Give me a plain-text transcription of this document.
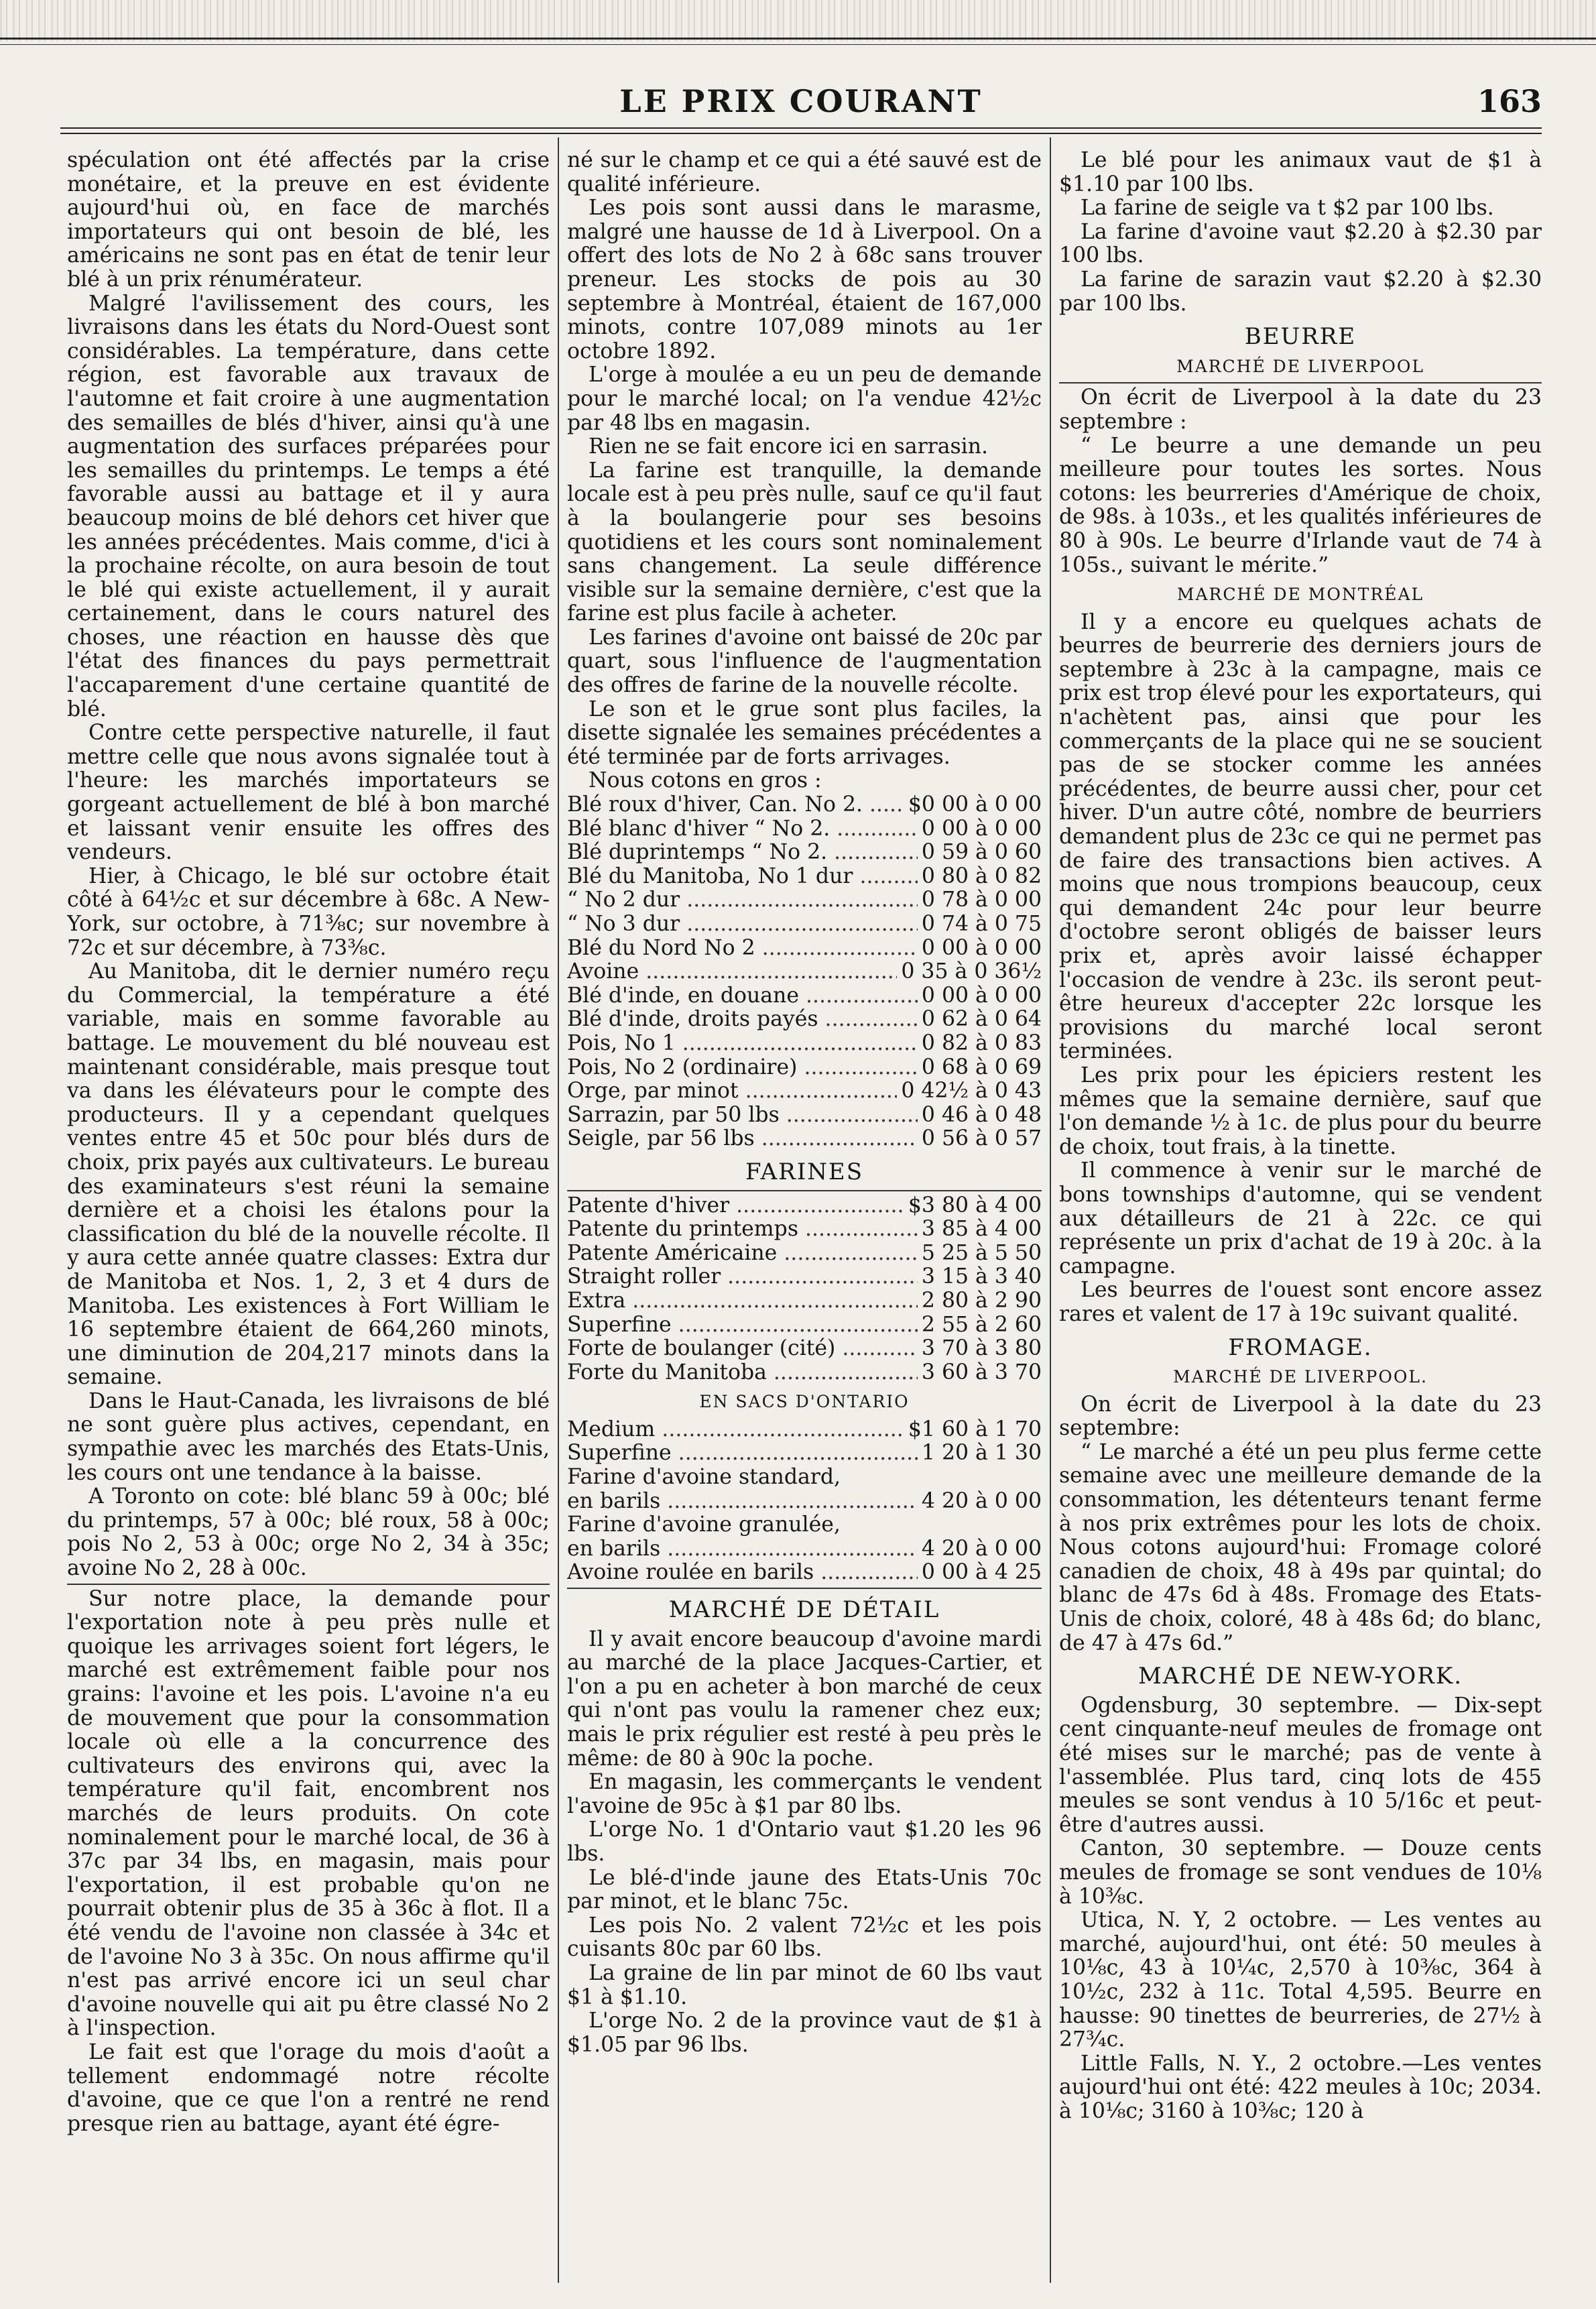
LE PRIX COURANT	163

spéculation ont été affectés par la crise monétaire, et la preuve en est évidente aujourd'hui où, en face de marchés importateurs qui ont besoin de blé, les américains ne sont pas en état de tenir leur blé à un prix rénumérateur.

Malgré l'avilissement des cours, les livraisons dans les états du Nord-Ouest sont considérables. La température, dans cette région, est favorable aux travaux de l'automne et fait croire à une augmentation des semailles de blés d'hiver, ainsi qu'à une augmentation des surfaces préparées pour les semailles du printemps. Le temps a été favorable aussi au battage et il y aura beaucoup moins de blé dehors cet hiver que les années précédentes. Mais comme, d'ici à la prochaine récolte, on aura besoin de tout le blé qui existe actuellement, il y aurait certainement, dans le cours naturel des choses, une réaction en hausse dès que l'état des finances du pays permettrait l'accaparement d'une certaine quantité de blé.

Contre cette perspective naturelle, il faut mettre celle que nous avons signalée tout à l'heure: les marchés importateurs se gorgeant actuellement de blé à bon marché et laissant venir ensuite les offres des vendeurs.

Hier, à Chicago, le blé sur octobre était côté à 64½c et sur décembre à 68c. A New-York, sur octobre, à 71⅜c; sur novembre à 72c et sur décembre, à 73⅜c.

Au Manitoba, dit le dernier numéro reçu du Commercial, la température a été variable, mais en somme favorable au battage. Le mouvement du blé nouveau est maintenant considérable, mais presque tout va dans les élévateurs pour le compte des producteurs. Il y a cependant quelques ventes entre 45 et 50c pour blés durs de choix, prix payés aux cultivateurs. Le bureau des examinateurs s'est réuni la semaine dernière et a choisi les étalons pour la classification du blé de la nouvelle récolte. Il y aura cette année quatre classes: Extra dur de Manitoba et Nos. 1, 2, 3 et 4 durs de Manitoba. Les existences à Fort William le 16 septembre étaient de 664,260 minots, une diminution de 204,217 minots dans la semaine.

Dans le Haut-Canada, les livraisons de blé ne sont guère plus actives, cependant, en sympathie avec les marchés des Etats-Unis, les cours ont une tendance à la baisse.

A Toronto on cote: blé blanc 59 à 00c; blé du printemps, 57 à 00c; blé roux, 58 à 00c; pois No 2, 53 à 00c; orge No 2, 34 à 35c; avoine No 2, 28 à 00c.

Sur notre place, la demande pour l'exportation note à peu près nulle et quoique les arrivages soient fort légers, le marché est extrêmement faible pour nos grains: l'avoine et les pois. L'avoine n'a eu de mouvement que pour la consommation locale où elle a la concurrence des cultivateurs des environs qui, avec la température qu'il fait, encombrent nos marchés de leurs produits. On cote nominalement pour le marché local, de 36 à 37c par 34 lbs, en magasin, mais pour l'exportation, il est probable qu'on ne pourrait obtenir plus de 35 à 36c à flot. Il a été vendu de l'avoine non classée à 34c et de l'avoine No 3 à 35c. On nous affirme qu'il n'est pas arrivé encore ici un seul char d'avoine nouvelle qui ait pu être classé No 2 à l'inspection.

Le fait est que l'orage du mois d'août a tellement endommagé notre récolte d'avoine, que ce que l'on a rentré ne rend presque rien au battage, ayant été égre-

né sur le champ et ce qui a été sauvé est de qualité inférieure.

Les pois sont aussi dans le marasme, malgré une hausse de 1d à Liverpool. On a offert des lots de No 2 à 68c sans trouver preneur. Les stocks de pois au 30 septembre à Montréal, étaient de 167,000 minots, contre 107,089 minots au 1er octobre 1892.

L'orge à moulée a eu un peu de demande pour le marché local; on l'a vendue 42½c par 48 lbs en magasin.

Rien ne se fait encore ici en sarrasin.

La farine est tranquille, la demande locale est à peu près nulle, sauf ce qu'il faut à la boulangerie pour ses besoins quotidiens et les cours sont nominalement sans changement. La seule différence visible sur la semaine dernière, c'est que la farine est plus facile à acheter.

Les farines d'avoine ont baissé de 20c par quart, sous l'influence de l'augmentation des offres de farine de la nouvelle récolte.

Le son et le grue sont plus faciles, la disette signalée les semaines précédentes a été terminée par de forts arrivages.

Nous cotons en gros :

Blé roux d'hiver, Can. No 2. .....	$0 00 à 0 00
Blé blanc d'hiver “ No 2. .....	0 00 à 0 00
Blé duprintemps “ No 2. .....	0 59 à 0 60
Blé du Manitoba, No 1 dur .....	0 80 à 0 82
“ No 2 dur .....	0 78 à 0 00
“ No 3 dur .....	0 74 à 0 75
Blé du Nord No 2 .....	0 00 à 0 00
Avoine .....	0 35 à 0 36½
Blé d'inde, en douane .....	0 00 à 0 00
Blé d'inde, droits payés .....	0 62 à 0 64
Pois, No 1 .....	0 82 à 0 83
Pois, No 2 (ordinaire) .....	0 68 à 0 69
Orge, par minot .....	0 42½ à 0 43
Sarrazin, par 50 lbs .....	0 46 à 0 48
Seigle, par 56 lbs .....	0 56 à 0 57
FARINES
Patente d'hiver .....	$3 80 à 4 00
Patente du printemps .....	3 85 à 4 00
Patente Américaine .....	5 25 à 5 50
Straight roller .....	3 15 à 3 40
Extra .....	2 80 à 2 90
Superfine .....	2 55 à 2 60
Forte de boulanger (cité) .....	3 70 à 3 80
Forte du Manitoba .....	3 60 à 3 70
EN SACS D'ONTARIO
Medium .....	$1 60 à 1 70
Superfine .....	1 20 à 1 30
Farine d'avoine standard,
en barils .....	4 20 à 0 00
Farine d'avoine granulée,
en barils .....	4 20 à 0 00
Avoine roulée en barils .....	0 00 à 4 25
MARCHÉ DE DÉTAIL

Il y avait encore beaucoup d'avoine mardi au marché de la place Jacques-Cartier, et l'on a pu en acheter à bon marché de ceux qui n'ont pas voulu la ramener chez eux; mais le prix régulier est resté à peu près le même: de 80 à 90c la poche.

En magasin, les commerçants le vendent l'avoine de 95c à $1 par 80 lbs.

L'orge No. 1 d'Ontario vaut $1.20 les 96 lbs.

Le blé-d'inde jaune des Etats-Unis 70c par minot, et le blanc 75c.

Les pois No. 2 valent 72½c et les pois cuisants 80c par 60 lbs.

La graine de lin par minot de 60 lbs vaut $1 à $1.10.

L'orge No. 2 de la province vaut de $1 à $1.05 par 96 lbs.

Le blé pour les animaux vaut de $1 à $1.10 par 100 lbs.

La farine de seigle va t $2 par 100 lbs.

La farine d'avoine vaut $2.20 à $2.30 par 100 lbs.

La farine de sarazin vaut $2.20 à $2.30 par 100 lbs.

BEURRE
MARCHÉ DE LIVERPOOL

On écrit de Liverpool à la date du 23 septembre :

“ Le beurre a une demande un peu meilleure pour toutes les sortes. Nous cotons: les beurreries d'Amérique de choix, de 98s. à 103s., et les qualités inférieures de 80 à 90s. Le beurre d'Irlande vaut de 74 à 105s., suivant le mérite.”

MARCHÉ DE MONTRÉAL

Il y a encore eu quelques achats de beurres de beurrerie des derniers jours de septembre à 23c à la campagne, mais ce prix est trop élevé pour les exportateurs, qui n'achètent pas, ainsi que pour les commerçants de la place qui ne se soucient pas de se stocker comme les années précédentes, de beurre aussi cher, pour cet hiver. D'un autre côté, nombre de beurriers demandent plus de 23c ce qui ne permet pas de faire des transactions bien actives. A moins que nous trompions beaucoup, ceux qui demandent 24c pour leur beurre d'octobre seront obligés de baisser leurs prix et, après avoir laissé échapper l'occasion de vendre à 23c. ils seront peut-être heureux d'accepter 22c lorsque les provisions du marché local seront terminées.

Les prix pour les épiciers restent les mêmes que la semaine dernière, sauf que l'on demande ½ à 1c. de plus pour du beurre de choix, tout frais, à la tinette.

Il commence à venir sur le marché de bons townships d'automne, qui se vendent aux détailleurs de 21 à 22c. ce qui représente un prix d'achat de 19 à 20c. à la campagne.

Les beurres de l'ouest sont encore assez rares et valent de 17 à 19c suivant qualité.

FROMAGE.
MARCHÉ DE LIVERPOOL.

On écrit de Liverpool à la date du 23 septembre:

“ Le marché a été un peu plus ferme cette semaine avec une meilleure demande de la consommation, les détenteurs tenant ferme à nos prix extrêmes pour les lots de choix. Nous cotons aujourd'hui: Fromage coloré canadien de choix, 48 à 49s par quintal; do blanc de 47s 6d à 48s. Fromage des Etats-Unis de choix, coloré, 48 à 48s 6d; do blanc, de 47 à 47s 6d.”

MARCHÉ DE NEW-YORK.

Ogdensburg, 30 septembre. — Dix-sept cent cinquante-neuf meules de fromage ont été mises sur le marché; pas de vente à l'assemblée. Plus tard, cinq lots de 455 meules se sont vendus à 10 5/16c et peut-être d'autres aussi.

Canton, 30 septembre. — Douze cents meules de fromage se sont vendues de 10⅛ à 10⅜c.

Utica, N. Y, 2 octobre. — Les ventes au marché, aujourd'hui, ont été: 50 meules à 10⅛c, 43 à 10¼c, 2,570 à 10⅜c, 364 à 10½c, 232 à 11c. Total 4,595. Beurre en hausse: 90 tinettes de beurreries, de 27½ à 27¾c.

Little Falls, N. Y., 2 octobre.—Les ventes aujourd'hui ont été: 422 meules à 10c; 2034. à 10⅛c; 3160 à 10⅜c; 120 à
